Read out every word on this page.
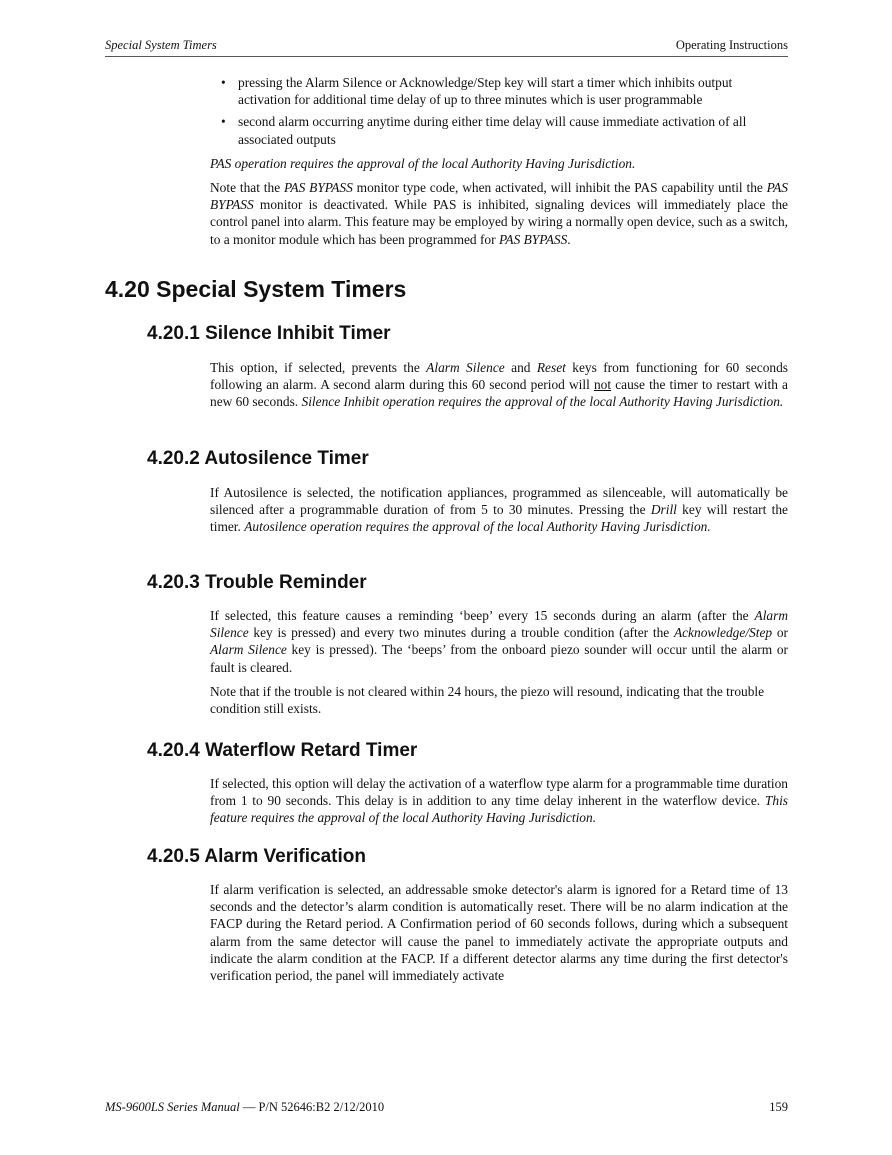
Special System Timers	Operating Instructions
• pressing the Alarm Silence or Acknowledge/Step key will start a timer which inhibits output activation for additional time delay of up to three minutes which is user programmable
• second alarm occurring anytime during either time delay will cause immediate activation of all associated outputs

PAS operation requires the approval of the local Authority Having Jurisdiction.

Note that the PAS BYPASS monitor type code, when activated, will inhibit the PAS capability until the PAS BYPASS monitor is deactivated. While PAS is inhibited, signaling devices will immediately place the control panel into alarm. This feature may be employed by wiring a normally open device, such as a switch, to a monitor module which has been programmed for PAS BYPASS.

4.20 Special System Timers
4.20.1 Silence Inhibit Timer
This option, if selected, prevents the Alarm Silence and Reset keys from functioning for 60 seconds following an alarm. A second alarm during this 60 second period will not cause the timer to restart with a new 60 seconds. Silence Inhibit operation requires the approval of the local Authority Having Jurisdiction.
4.20.2 Autosilence Timer
If Autosilence is selected, the notification appliances, programmed as silenceable, will automatically be silenced after a programmable duration of from 5 to 30 minutes. Pressing the Drill key will restart the timer. Autosilence operation requires the approval of the local Authority Having Jurisdiction.
4.20.3 Trouble Reminder

If selected, this feature causes a reminding ‘beep’ every 15 seconds during an alarm (after the Alarm Silence key is pressed) and every two minutes during a trouble condition (after the Acknowledge/Step or Alarm Silence key is pressed). The ‘beeps’ from the onboard piezo sounder will occur until the alarm or fault is cleared.

Note that if the trouble is not cleared within 24 hours, the piezo will resound, indicating that the trouble condition still exists.

4.20.4 Waterflow Retard Timer
If selected, this option will delay the activation of a waterflow type alarm for a programmable time duration from 1 to 90 seconds. This delay is in addition to any time delay inherent in the waterflow device. This feature requires the approval of the local Authority Having Jurisdiction.
4.20.5 Alarm Verification
If alarm verification is selected, an addressable smoke detector's alarm is ignored for a Retard time of 13 seconds and the detector’s alarm condition is automatically reset. There will be no alarm indication at the FACP during the Retard period. A Confirmation period of 60 seconds follows, during which a subsequent alarm from the same detector will cause the panel to immediately activate the appropriate outputs and indicate the alarm condition at the FACP. If a different detector alarms any time during the first detector's verification period, the panel will immediately activate
MS-9600LS Series Manual — P/N 52646:B2 2/12/2010	159
